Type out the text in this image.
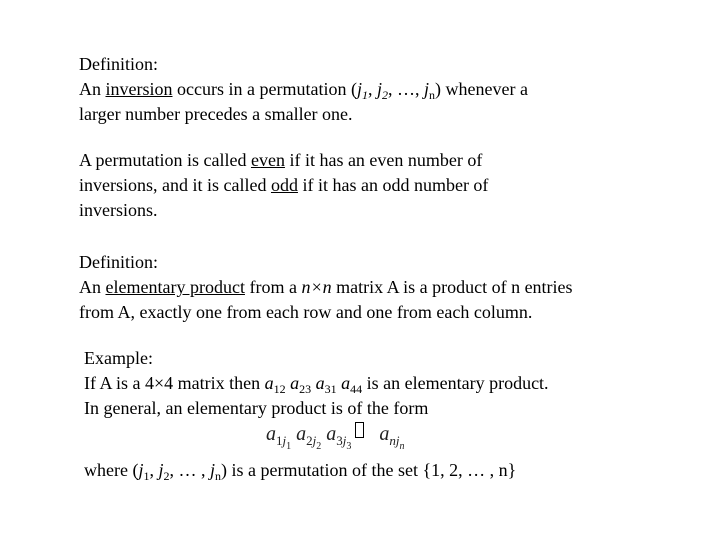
Definition:
An inversion occurs in a permutation ($j_1$, $j_2$, …, $j_n$) whenever a
larger number precedes a smaller one.
A permutation is called even if it has an even number of
inversions, and it is called odd if it has an odd number of
inversions.
Definition:
An elementary product from a n×n matrix A is a product of n entries
from A, exactly one from each row and one from each column.
Example:
If A is a 4×4 matrix then $a_{12}$ $a_{23}$ $a_{31}$ $a_{44}$ is an elementary product.
In general, an elementary product is of the form
$a_{1j_1}$ $a_{2j_2}$ $a_{3j_3}$ $a_{nj_n}$
where ($j_1$, $j_2$, … , $j_n$) is a permutation of the set {1, 2, … , n}
